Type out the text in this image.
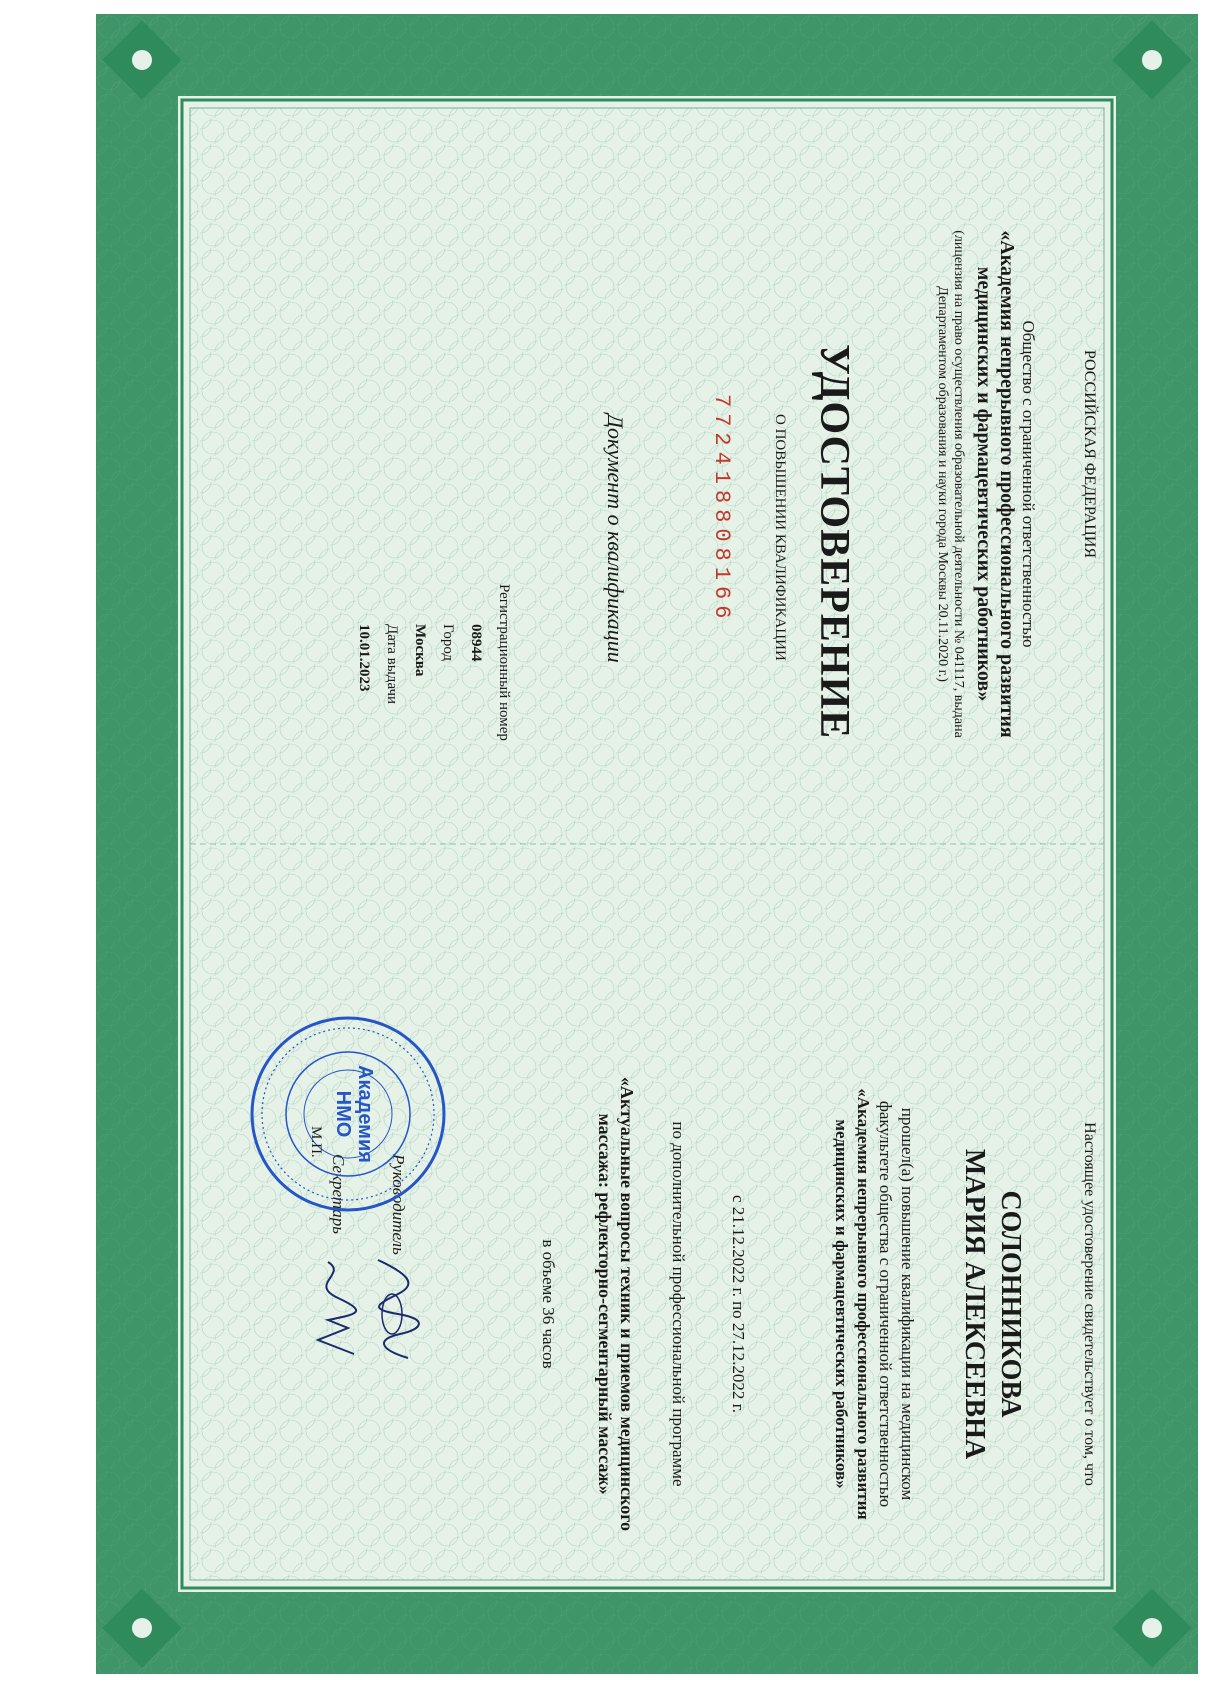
РОССИЙСКАЯ ФЕДЕРАЦИЯ
Общество с ограниченной ответственностью
«Академия непрерывного профессионального развития
медицинских и фармацевтических работников»
(лицензия на право осуществления образовательной деятельности № 041117, выдана
Департаментом образования и науки города Москвы 20.11.2020 г.)
УДОСТОВЕРЕНИЕ
О ПОВЫШЕНИИ КВАЛИФИКАЦИИ
772418808166
Документ о квалификации
Регистрационный номер
08944
Город
Москва
Дата выдачи
10.01.2023
Настоящее удостоверение свидетельствует о том, что
СОЛОННИКОВА
МАРИЯ АЛЕКСЕЕВНА
прошел(а) повышение квалификации на медицинском
факультете общества с ограниченной ответственностью
«Академия непрерывного профессионального развития
медицинских и фармацевтических работников»
с 21.12.2022 г. по 27.12.2022 г.
по дополнительной профессиональной программе
«Актуальные вопросы техник и приемов медицинского
массажа: рефлекторно-сегментарный массаж»
в объеме 36 часов
Руководитель
Секретарь
Академия
НМО
М.П.
